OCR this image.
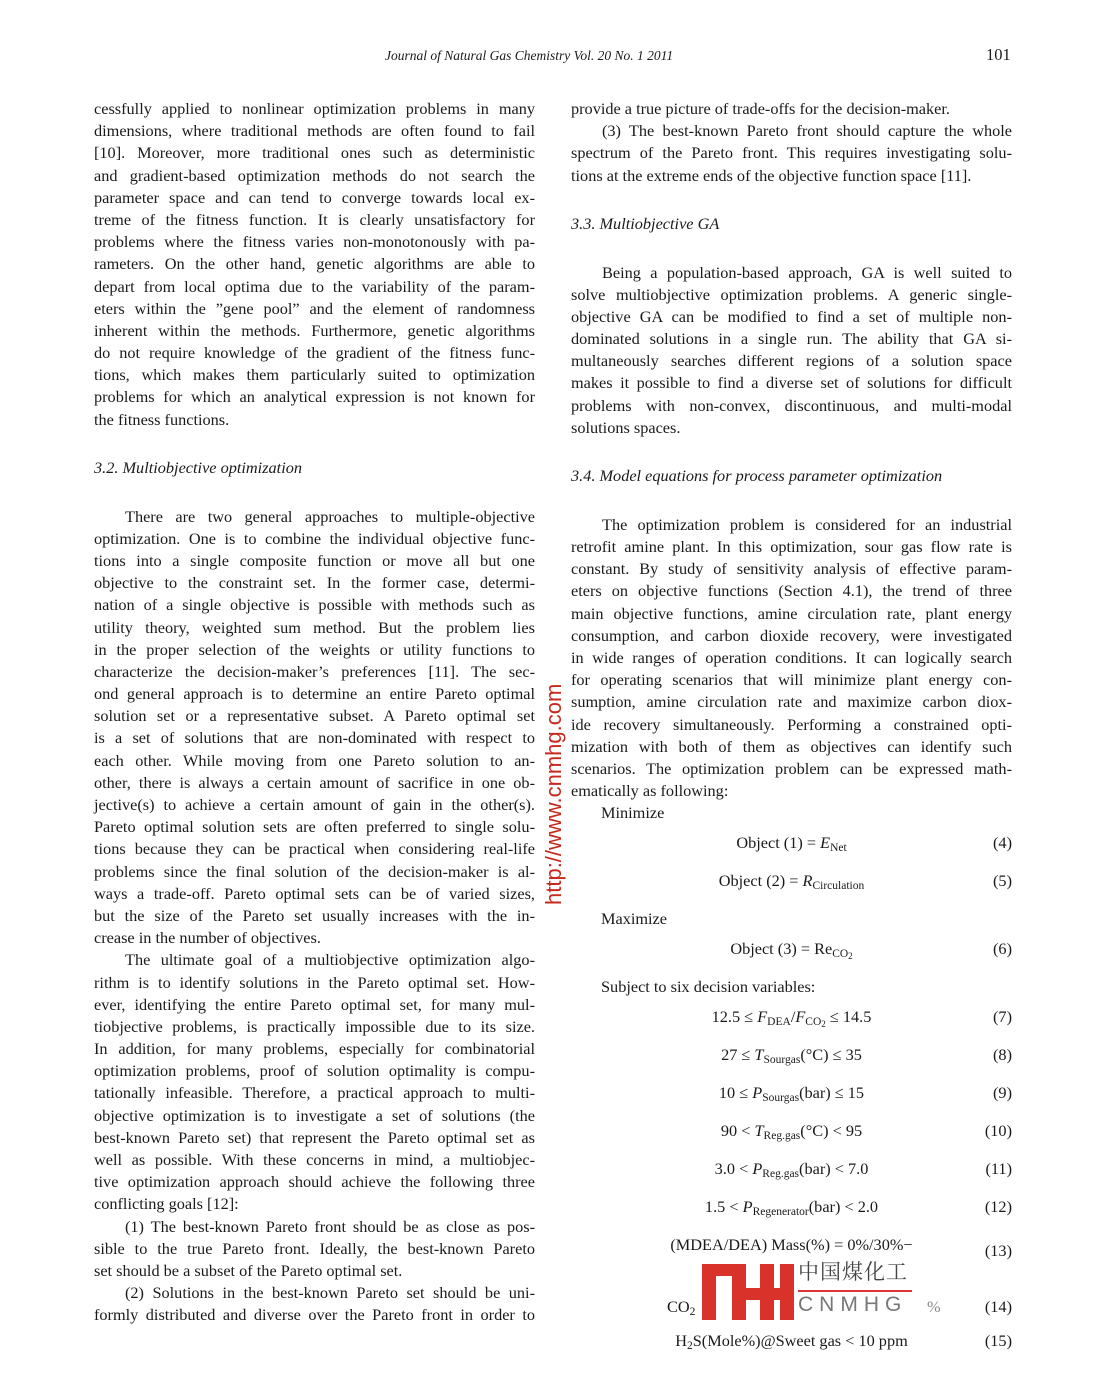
Journal of Natural Gas Chemistry Vol. 20 No. 1 2011	101
cessfully applied to nonlinear optimization problems in many
dimensions, where traditional methods are often found to fail
[10]. Moreover, more traditional ones such as deterministic
and gradient-based optimization methods do not search the
parameter space and can tend to converge towards local ex-
treme of the fitness function. It is clearly unsatisfactory for
problems where the fitness varies non-monotonously with pa-
rameters. On the other hand, genetic algorithms are able to
depart from local optima due to the variability of the param-
eters within the ”gene pool” and the element of randomness
inherent within the methods. Furthermore, genetic algorithms
do not require knowledge of the gradient of the fitness func-
tions, which makes them particularly suited to optimization
problems for which an analytical expression is not known for
the fitness functions.
3.2. Multiobjective optimization
There are two general approaches to multiple-objective
optimization. One is to combine the individual objective func-
tions into a single composite function or move all but one
objective to the constraint set. In the former case, determi-
nation of a single objective is possible with methods such as
utility theory, weighted sum method. But the problem lies
in the proper selection of the weights or utility functions to
characterize the decision-maker’s preferences [11]. The sec-
ond general approach is to determine an entire Pareto optimal
solution set or a representative subset. A Pareto optimal set
is a set of solutions that are non-dominated with respect to
each other. While moving from one Pareto solution to an-
other, there is always a certain amount of sacrifice in one ob-
jective(s) to achieve a certain amount of gain in the other(s).
Pareto optimal solution sets are often preferred to single solu-
tions because they can be practical when considering real-life
problems since the final solution of the decision-maker is al-
ways a trade-off. Pareto optimal sets can be of varied sizes,
but the size of the Pareto set usually increases with the in-
crease in the number of objectives.
The ultimate goal of a multiobjective optimization algo-
rithm is to identify solutions in the Pareto optimal set. How-
ever, identifying the entire Pareto optimal set, for many mul-
tiobjective problems, is practically impossible due to its size.
In addition, for many problems, especially for combinatorial
optimization problems, proof of solution optimality is compu-
tationally infeasible. Therefore, a practical approach to multi-
objective optimization is to investigate a set of solutions (the
best-known Pareto set) that represent the Pareto optimal set as
well as possible. With these concerns in mind, a multiobjec-
tive optimization approach should achieve the following three
conflicting goals [12]:
(1) The best-known Pareto front should be as close as pos-
sible to the true Pareto front. Ideally, the best-known Pareto
set should be a subset of the Pareto optimal set.
(2) Solutions in the best-known Pareto set should be uni-
formly distributed and diverse over the Pareto front in order to
provide a true picture of trade-offs for the decision-maker.
(3) The best-known Pareto front should capture the whole
spectrum of the Pareto front. This requires investigating solu-
tions at the extreme ends of the objective function space [11].
3.3. Multiobjective GA
Being a population-based approach, GA is well suited to
solve multiobjective optimization problems. A generic single-
objective GA can be modified to find a set of multiple non-
dominated solutions in a single run. The ability that GA si-
multaneously searches different regions of a solution space
makes it possible to find a diverse set of solutions for difficult
problems with non-convex, discontinuous, and multi-modal
solutions spaces.
3.4. Model equations for process parameter optimization
The optimization problem is considered for an industrial
retrofit amine plant. In this optimization, sour gas flow rate is
constant. By study of sensitivity analysis of effective param-
eters on objective functions (Section 4.1), the trend of three
main objective functions, amine circulation rate, plant energy
consumption, and carbon dioxide recovery, were investigated
in wide ranges of operation conditions. It can logically search
for operating scenarios that will minimize plant energy con-
sumption, amine circulation rate and maximize carbon diox-
ide recovery simultaneously. Performing a constrained opti-
mization with both of them as objectives can identify such
scenarios. The optimization problem can be expressed math-
ematically as following:
Minimize
Object $(1) = E_{Net}$	(4)
Object $(2) = R_{Circulation}$	(5)
Maximize
Object $(3) = Re_{CO_2}$	(6)
Subject to six decision variables:
$12.5 \le F_{DEA}/F_{CO_2} \le 14.5$	(7)
$27 \le T_{Sourgas}(^\circ C) \le 35$	(8)
$10 \le P_{Sourgas}(bar) \le 15$	(9)
$90 < T_{Reg.gas}(^\circ C) < 95$	(10)
$3.0 < P_{Reg.gas}(bar) < 7.0$	(11)
$1.5 < P_{Regenerator}(bar) < 2.0$	(12)
(MDEA/DEA) Mass(%) = 0%/30%−	(13)
$CO_2$
中国煤化工
CNMHG %	(14)
$H_2S(Mole\%)@Sweet$ gas < 10 ppm	(15)
http://www.cnmhg.com
